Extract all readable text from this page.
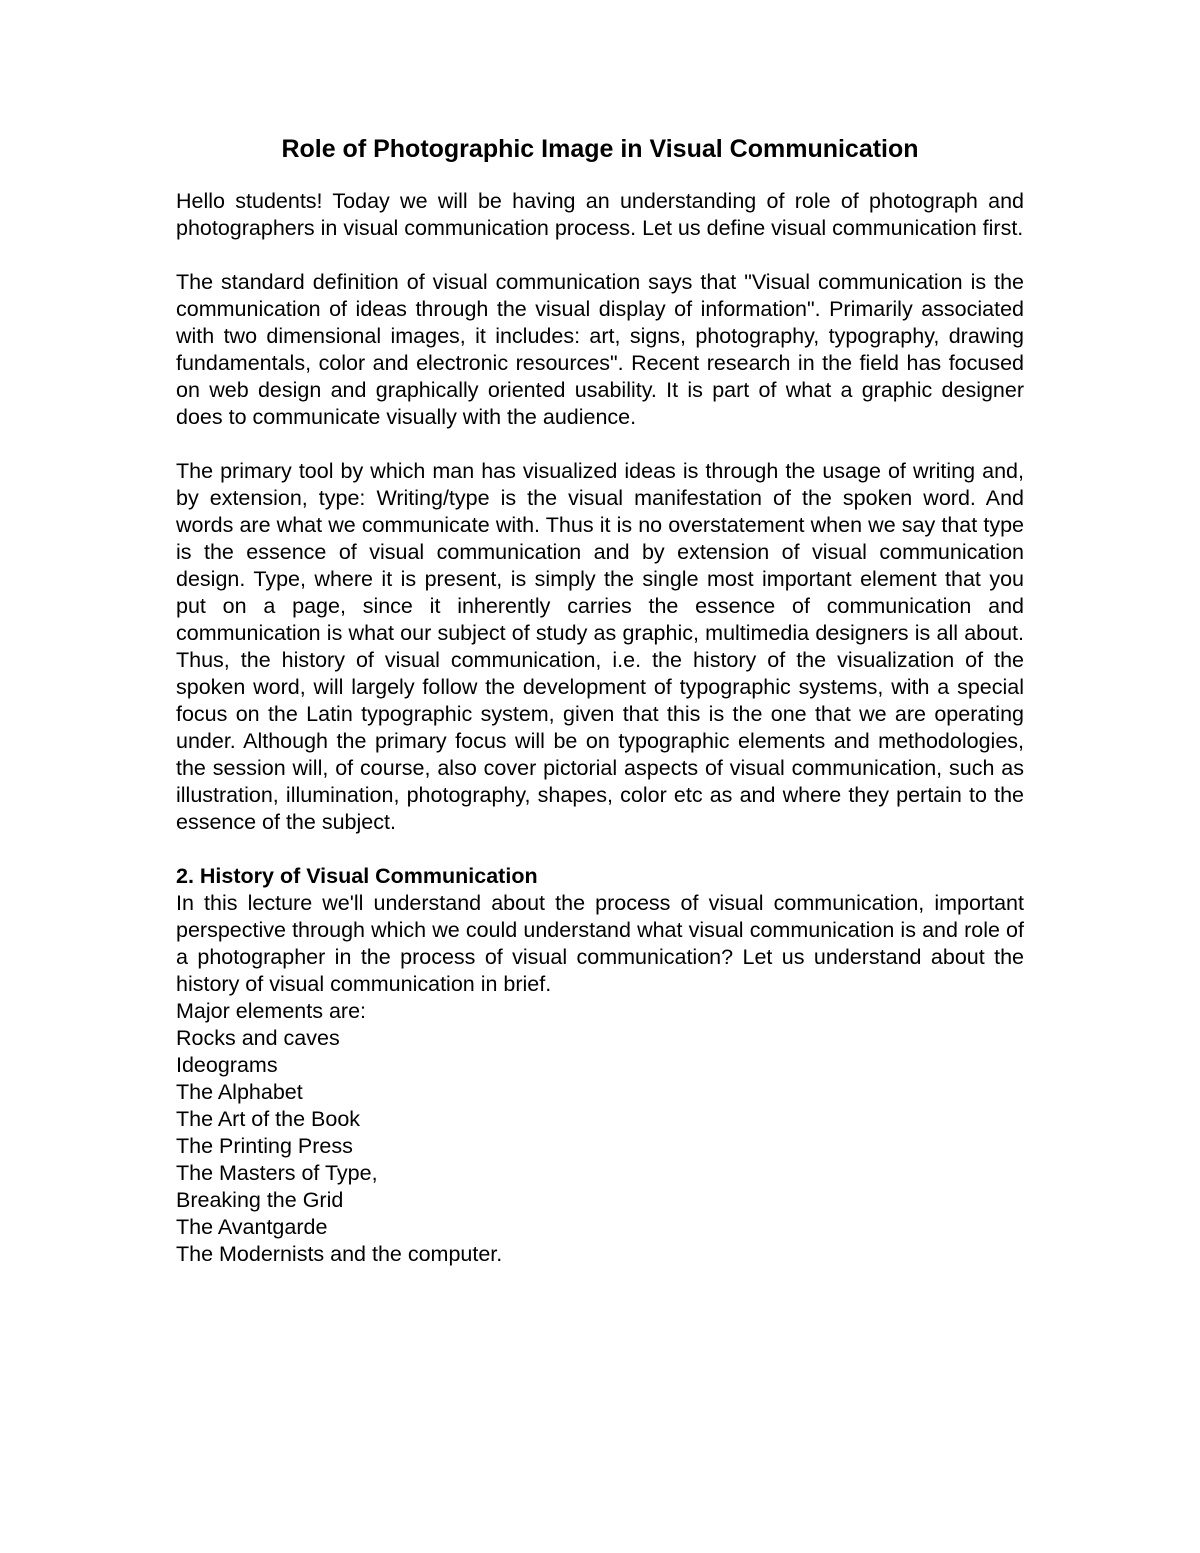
Role of Photographic Image in Visual Communication

Hello students! Today we will be having an understanding of role of photograph and photographers in visual communication process. Let us define visual communication first.

The standard definition of visual communication says that "Visual communication is the communication of ideas through the visual display of information". Primarily associated with two dimensional images, it includes: art, signs, photography, typography, drawing fundamentals, color and electronic resources". Recent research in the field has focused on web design and graphically oriented usability. It is part of what a graphic designer does to communicate visually with the audience.

The primary tool by which man has visualized ideas is through the usage of writing and, by extension, type: Writing/type is the visual manifestation of the spoken word. And words are what we communicate with. Thus it is no overstatement when we say that type is the essence of visual communication and by extension of visual communication design. Type, where it is present, is simply the single most important element that you put on a page, since it inherently carries the essence of communication and communication is what our subject of study as graphic, multimedia designers is all about. Thus, the history of visual communication, i.e. the history of the visualization of the spoken word, will largely follow the development of typographic systems, with a special focus on the Latin typographic system, given that this is the one that we are operating under. Although the primary focus will be on typographic elements and methodologies, the session will, of course, also cover pictorial aspects of visual communication, such as illustration, illumination, photography, shapes, color etc as and where they pertain to the essence of the subject.

2. History of Visual Communication

In this lecture we'll understand about the process of visual communication, important perspective through which we could understand what visual communication is and role of a photographer in the process of visual communication? Let us understand about the history of visual communication in brief.

Major elements are:

Rocks and caves
Ideograms
The Alphabet
The Art of the Book
The Printing Press
The Masters of Type,
Breaking the Grid
The Avantgarde
The Modernists and the computer.
